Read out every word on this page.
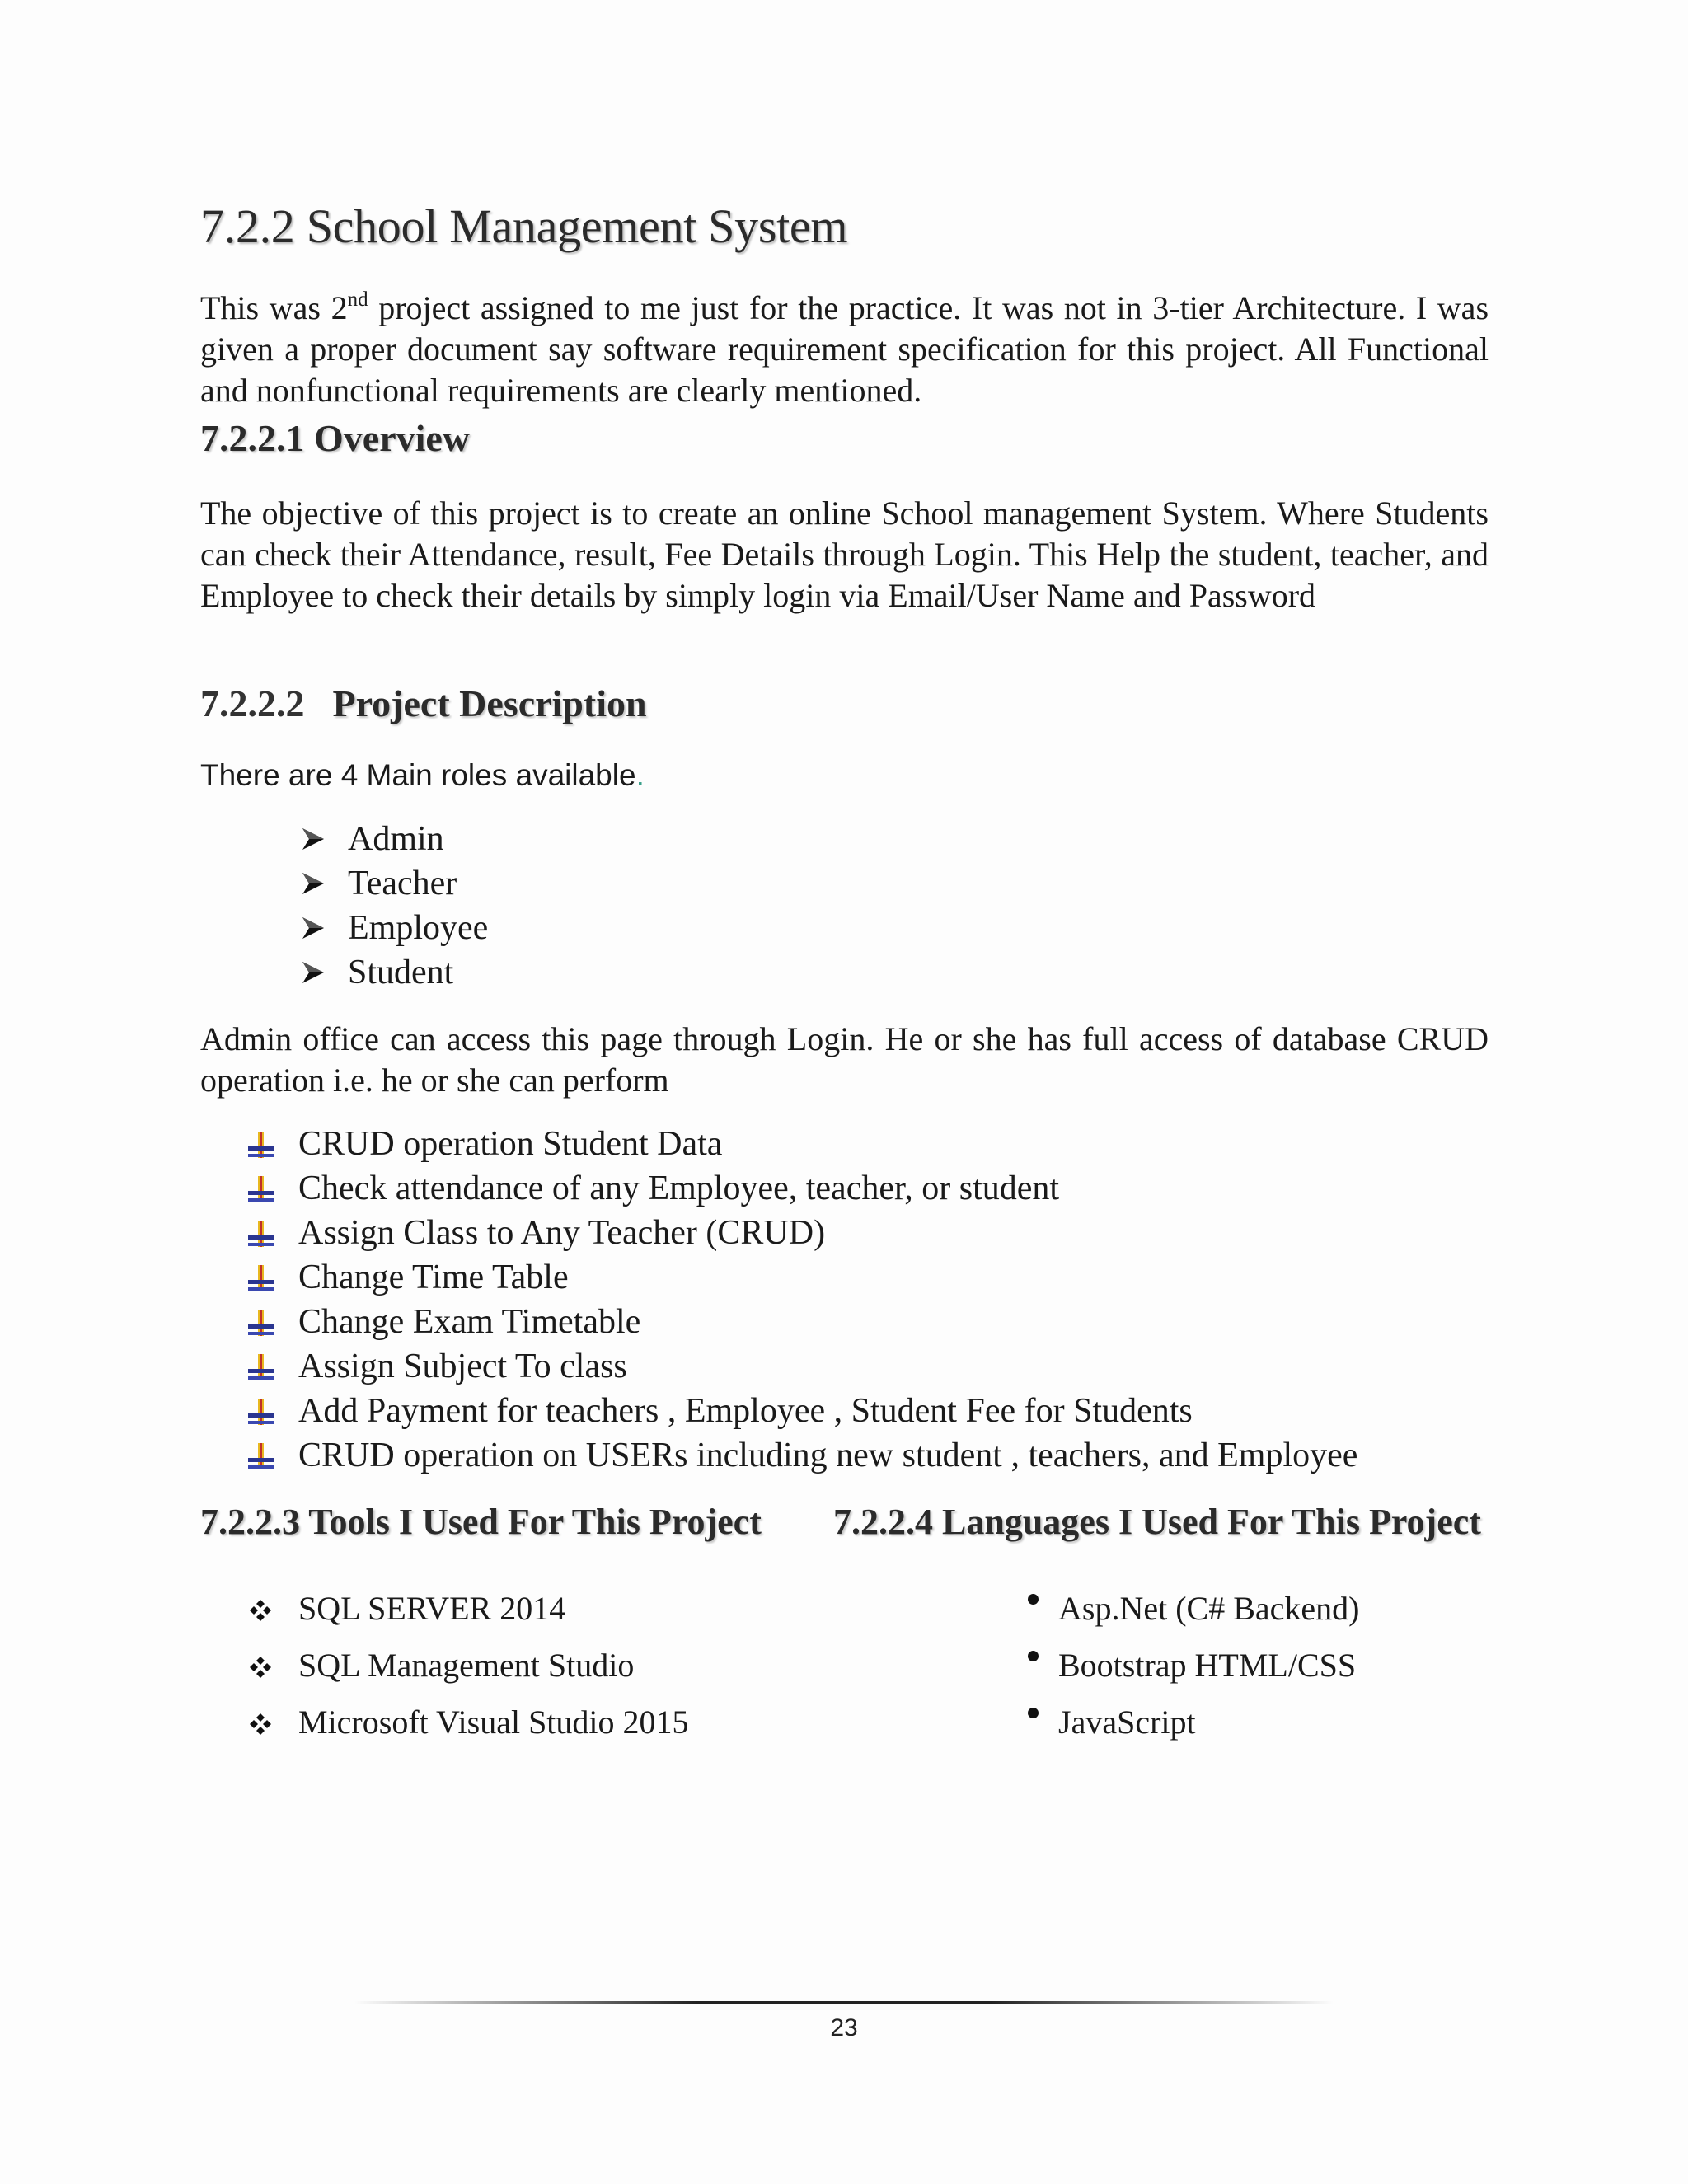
7.2.2 School Management System

This was 2nd project assigned to me just for the practice. It was not in 3-tier Architecture. I was given a proper document say software requirement specification for this project. All Functional and nonfunctional requirements are clearly mentioned.

7.2.2.1 Overview

The objective of this project is to create an online School management System. Where Students can check their Attendance, result, Fee Details through Login. This Help the student, teacher, and Employee to check their details by simply login via Email/User Name and Password

7.2.2.2 Project Description
There are 4 Main roles available.
Admin
Teacher
Employee
Student

Admin office can access this page through Login. He or she has full access of database CRUD operation i.e. he or she can perform

CRUD operation Student Data
Check attendance of any Employee, teacher, or student
Assign Class to Any Teacher (CRUD)
Change Time Table
Change Exam Timetable
Assign Subject To class
Add Payment for teachers , Employee , Student Fee for Students
CRUD operation on USERs including new student , teachers, and Employee
7.2.2.3 Tools I Used For This Project 7.2.2.4 Languages I Used For This Project
SQL SERVER 2014
SQL Management Studio
Microsoft Visual Studio 2015
Asp.Net (C# Backend)
Bootstrap HTML/CSS
JavaScript
23
